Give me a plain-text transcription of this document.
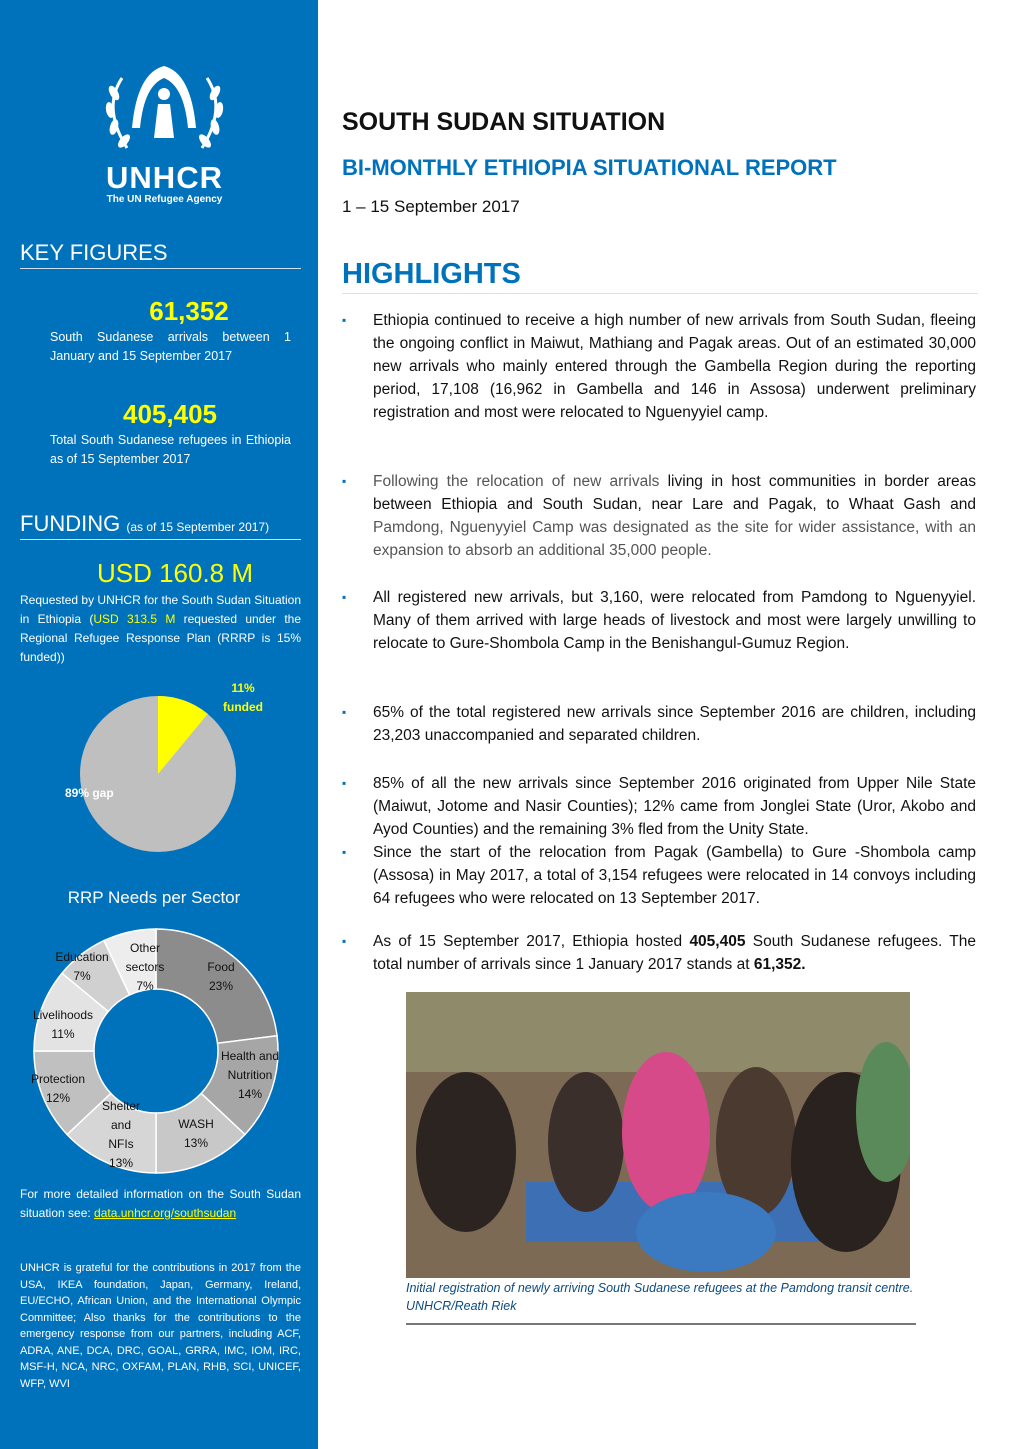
UNHCR
The UN Refugee Agency
KEY FIGURES
61,352
South Sudanese arrivals between 1 January and 15 September 2017
405,405
Total South Sudanese refugees in Ethiopia as of 15 September 2017
FUNDING (as of 15 September 2017)
USD 160.8 M
Requested by UNHCR for the South Sudan Situation in Ethiopia (USD 313.5 M requested under the Regional Refugee Response Plan (RRRP is 15% funded))
11%
funded
89% gap
RRP Needs per Sector
Food
23%
Health and
Nutrition
14%
WASH
13%
Shelter
and
NFIs
13%
Protection
12%
Livelihoods
11%
Education
7%
Other
sectors
7%
For more detailed information on the South Sudan situation see: data.unhcr.org/southsudan
UNHCR is grateful for the contributions in 2017 from the USA, IKEA foundation, Japan, Germany, Ireland, EU/ECHO, African Union, and the International Olympic Committee; Also thanks for the contributions to the emergency response from our partners, including ACF, ADRA, ANE, DCA, DRC, GOAL, GRRA, IMC, IOM, IRC, MSF-H, NCA, NRC, OXFAM, PLAN, RHB, SCI, UNICEF, WFP, WVI
SOUTH SUDAN SITUATION
BI-MONTHLY ETHIOPIA SITUATIONAL REPORT
1 – 15 September 2017
HIGHLIGHTS
▪	Ethiopia continued to receive a high number of new arrivals from South Sudan, fleeing the ongoing conflict in Maiwut, Mathiang and Pagak areas. Out of an estimated 30,000 new arrivals who mainly entered through the Gambella Region during the reporting period, 17,108 (16,962 in Gambella and 146 in Assosa) underwent preliminary registration and most were relocated to Nguenyyiel camp.
▪	Following the relocation of new arrivals living in host communities in border areas between Ethiopia and South Sudan, near Lare and Pagak, to Whaat Gash and Pamdong, Nguenyyiel Camp was designated as the site for wider assistance, with an expansion to absorb an additional 35,000 people.
▪	All registered new arrivals, but 3,160, were relocated from Pamdong to Nguenyyiel. Many of them arrived with large heads of livestock and most were largely unwilling to relocate to Gure-Shombola Camp in the Benishangul-Gumuz Region.
▪	65% of the total registered new arrivals since September 2016 are children, including 23,203 unaccompanied and separated children.
▪	85% of all the new arrivals since September 2016 originated from Upper Nile State (Maiwut, Jotome and Nasir Counties); 12% came from Jonglei State (Uror, Akobo and Ayod Counties) and the remaining 3% fled from the Unity State.
▪	Since the start of the relocation from Pagak (Gambella) to Gure -Shombola camp (Assosa) in May 2017, a total of 3,154 refugees were relocated in 14 convoys including 64 refugees who were relocated on 13 September 2017.
▪	As of 15 September 2017, Ethiopia hosted 405,405 South Sudanese refugees. The total number of arrivals since 1 January 2017 stands at 61,352.
Initial registration of newly arriving South Sudanese refugees at the Pamdong transit centre. UNHCR/Reath Riek
